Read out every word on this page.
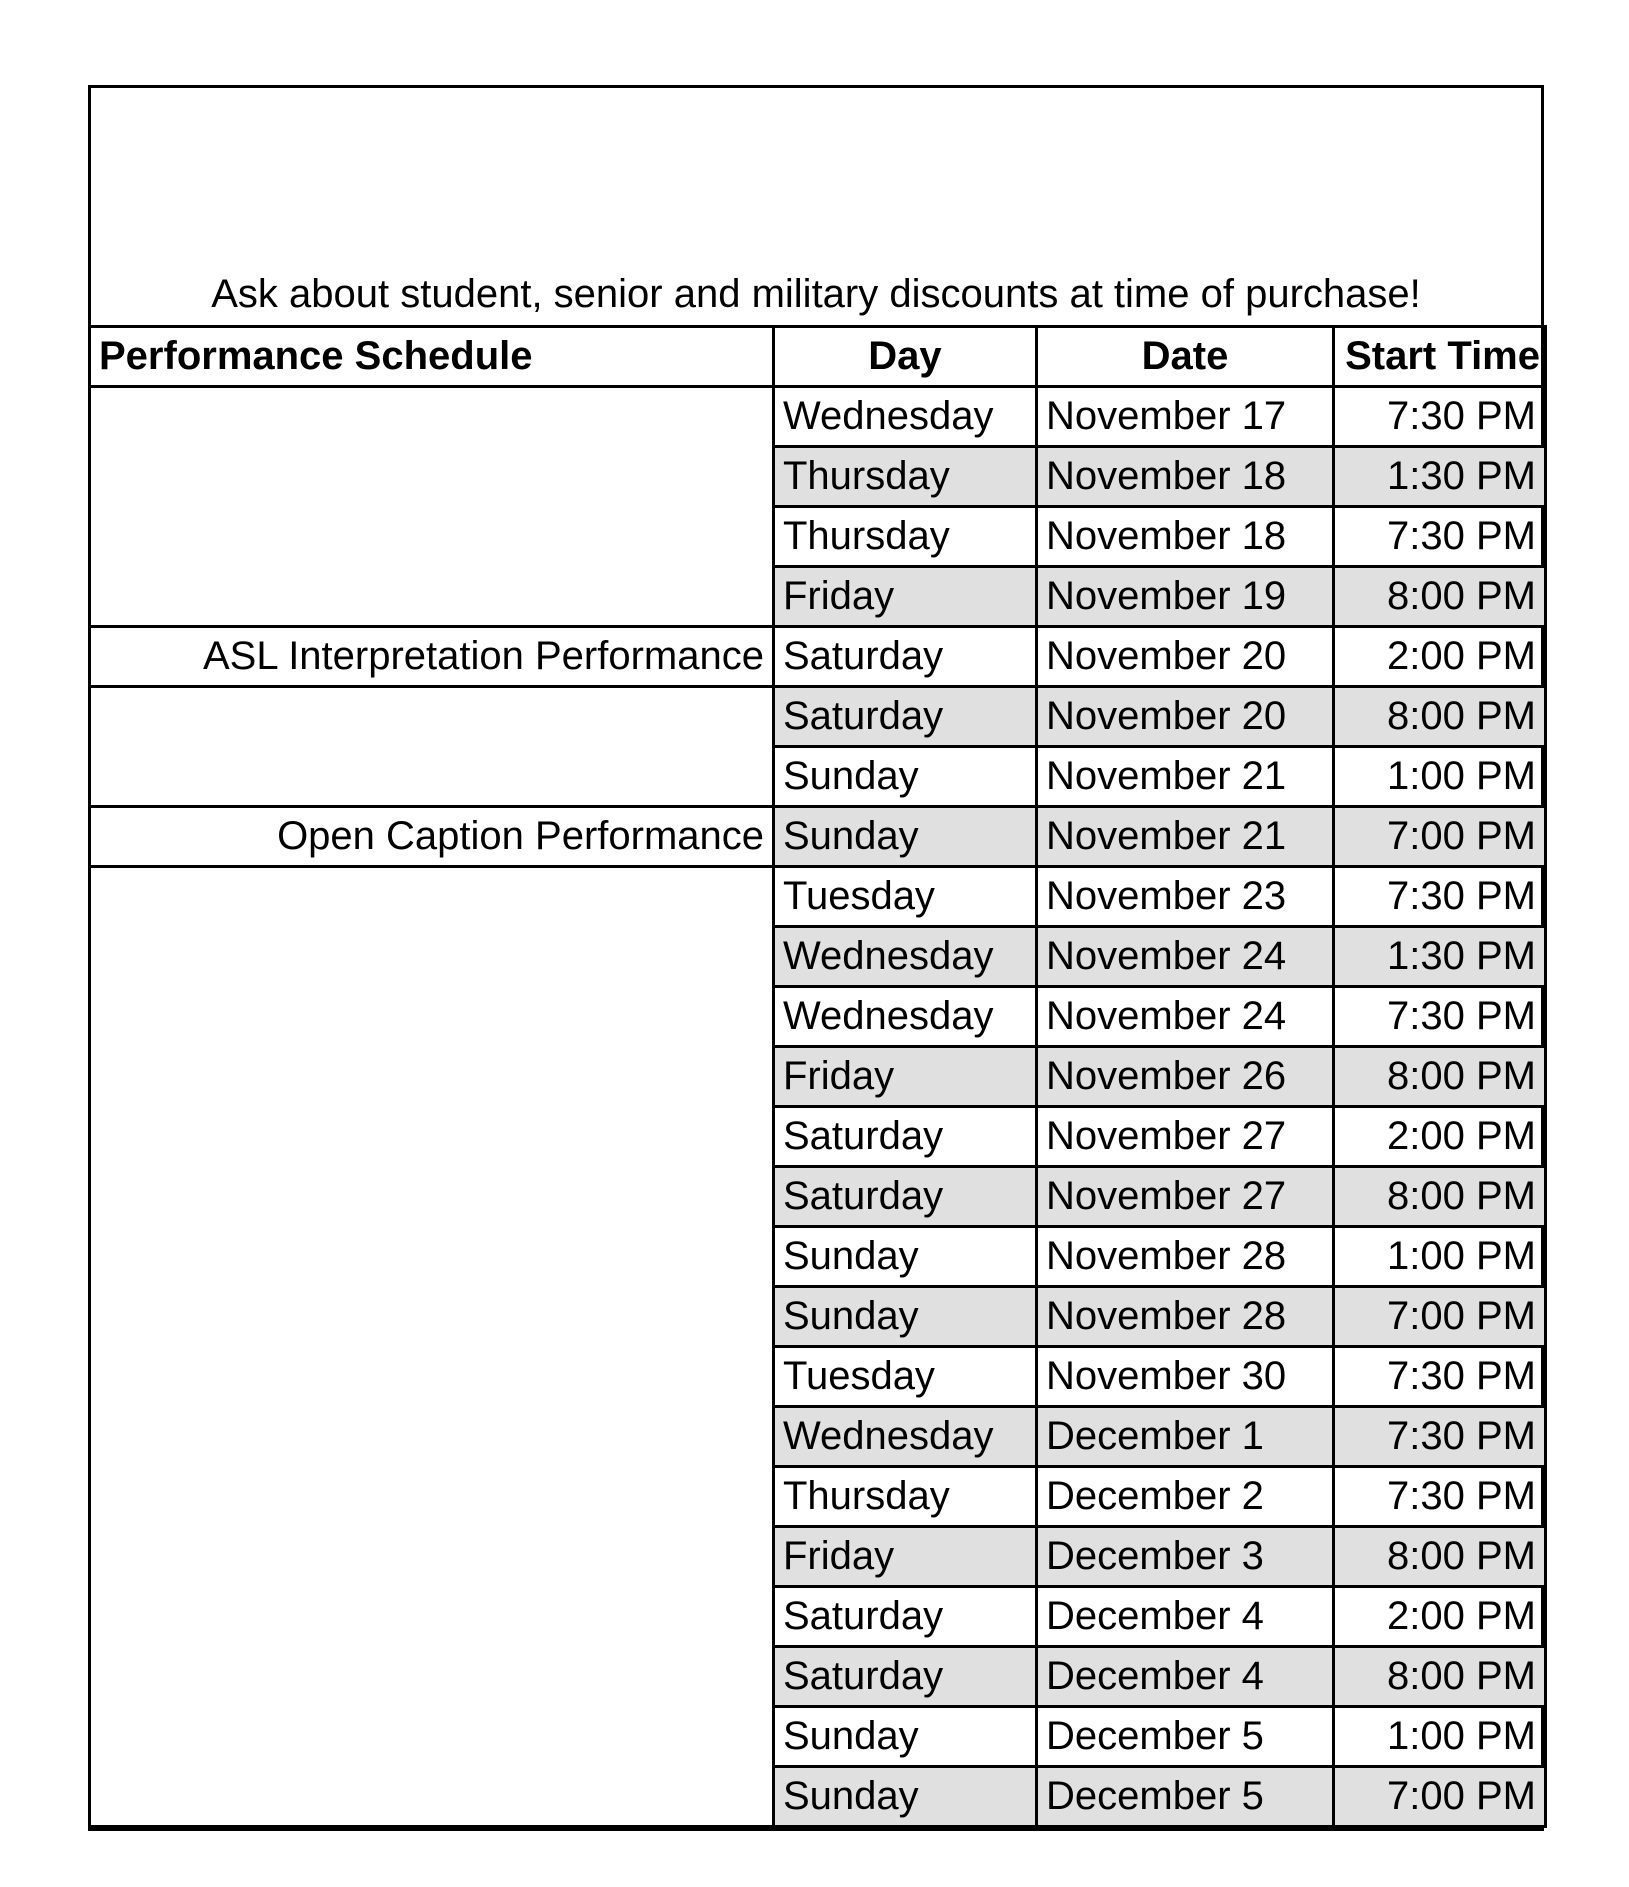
Ask about student, senior and military discounts at time of purchase!
Performance Schedule	Day	Date	Start Time
	Wednesday	November 17	7:30 PM
	Thursday	November 18	1:30 PM
	Thursday	November 18	7:30 PM
	Friday	November 19	8:00 PM
ASL Interpretation Performance	Saturday	November 20	2:00 PM
	Saturday	November 20	8:00 PM
	Sunday	November 21	1:00 PM
Open Caption Performance	Sunday	November 21	7:00 PM
	Tuesday	November 23	7:30 PM
	Wednesday	November 24	1:30 PM
	Wednesday	November 24	7:30 PM
	Friday	November 26	8:00 PM
	Saturday	November 27	2:00 PM
	Saturday	November 27	8:00 PM
	Sunday	November 28	1:00 PM
	Sunday	November 28	7:00 PM
	Tuesday	November 30	7:30 PM
	Wednesday	December 1	7:30 PM
	Thursday	December 2	7:30 PM
	Friday	December 3	8:00 PM
	Saturday	December 4	2:00 PM
	Saturday	December 4	8:00 PM
	Sunday	December 5	1:00 PM
	Sunday	December 5	7:00 PM
